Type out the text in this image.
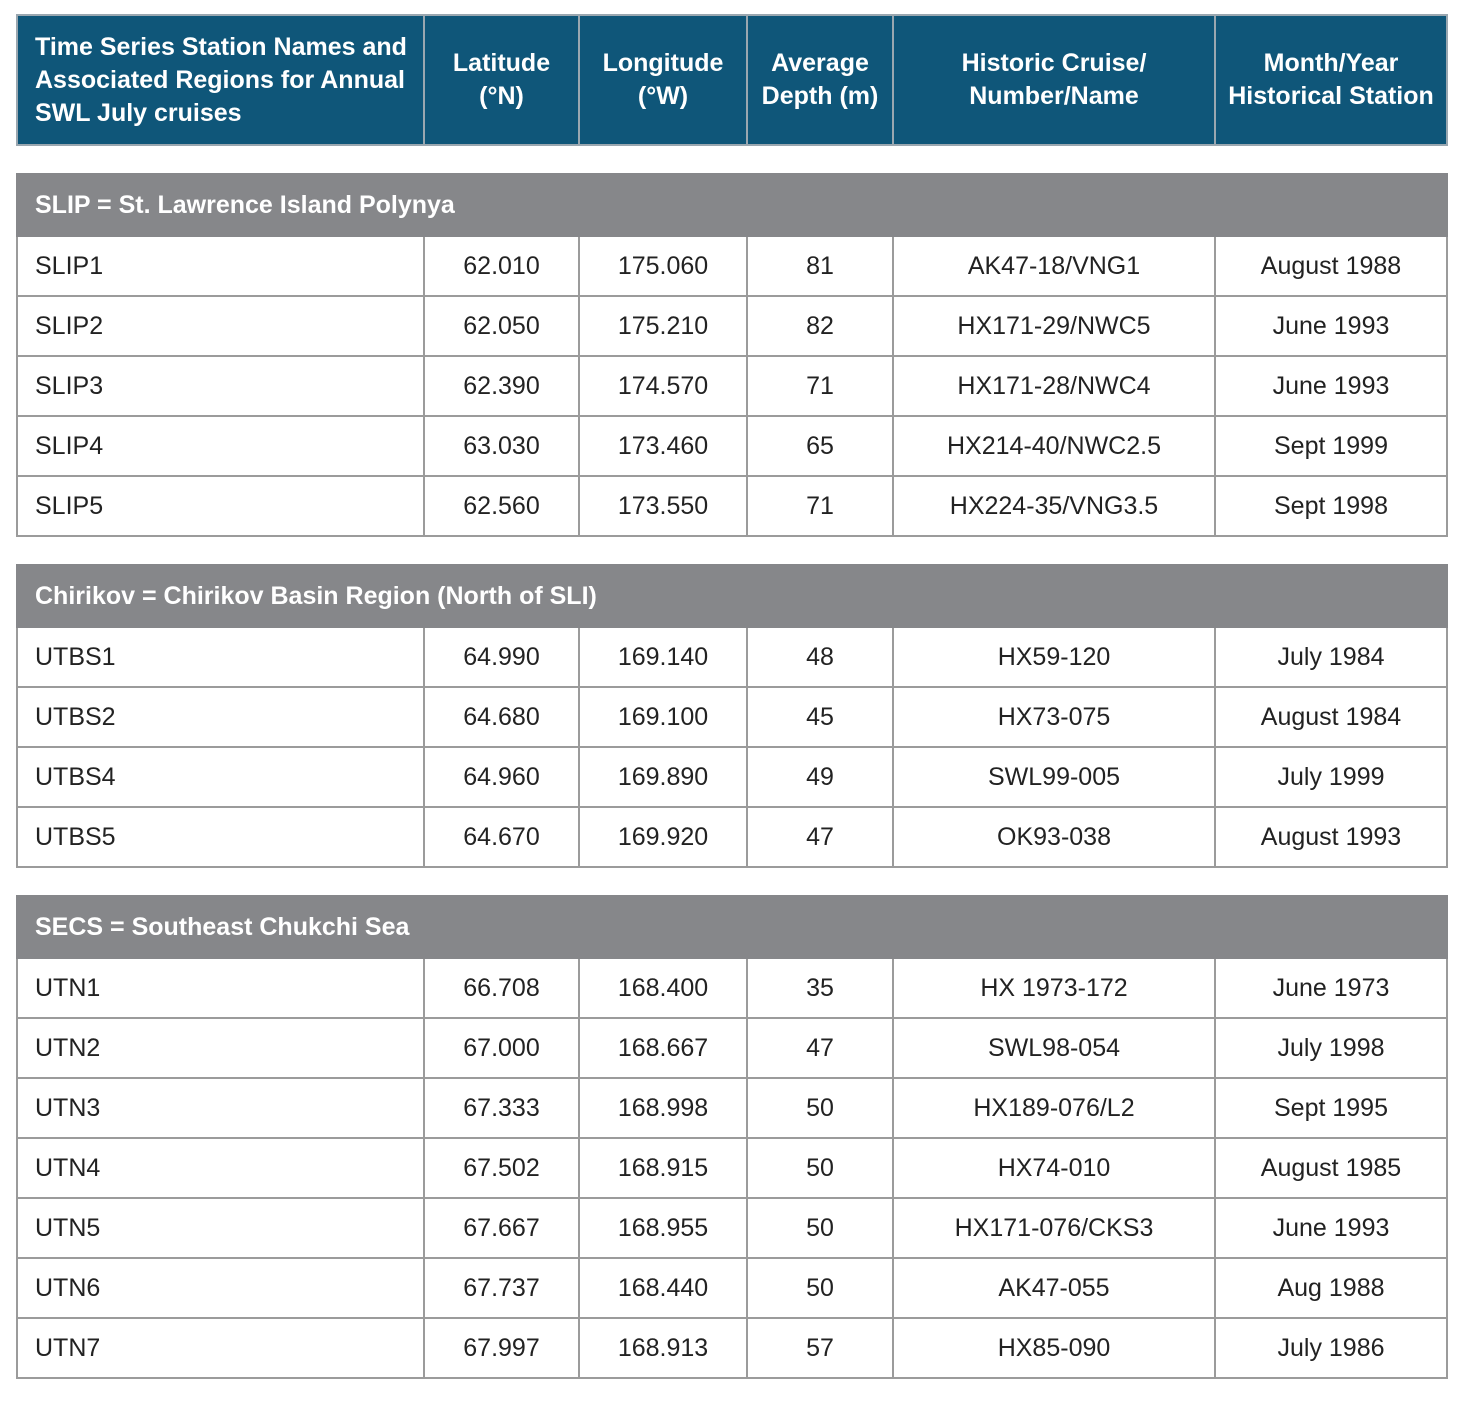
Time Series Station Names and Associated Regions for Annual SWL July cruises	Latitude (°N)	Longitude (°W)	Average Depth (m)	Historic Cruise/ Number/Name	Month/Year Historical Station

SLIP = St. Lawrence Island Polynya					
SLIP1	62.010	175.060	81	AK47-18/VNG1	August 1988
SLIP2	62.050	175.210	82	HX171-29/NWC5	June 1993
SLIP3	62.390	174.570	71	HX171-28/NWC4	June 1993
SLIP4	63.030	173.460	65	HX214-40/NWC2.5	Sept 1999
SLIP5	62.560	173.550	71	HX224-35/VNG3.5	Sept 1998

Chirikov = Chirikov Basin Region (North of SLI)					
UTBS1	64.990	169.140	48	HX59-120	July 1984
UTBS2	64.680	169.100	45	HX73-075	August 1984
UTBS4	64.960	169.890	49	SWL99-005	July 1999
UTBS5	64.670	169.920	47	OK93-038	August 1993

SECS = Southeast Chukchi Sea					
UTN1	66.708	168.400	35	HX 1973-172	June 1973
UTN2	67.000	168.667	47	SWL98-054	July 1998
UTN3	67.333	168.998	50	HX189-076/L2	Sept 1995
UTN4	67.502	168.915	50	HX74-010	August 1985
UTN5	67.667	168.955	50	HX171-076/CKS3	June 1993
UTN6	67.737	168.440	50	AK47-055	Aug 1988
UTN7	67.997	168.913	57	HX85-090	July 1986
